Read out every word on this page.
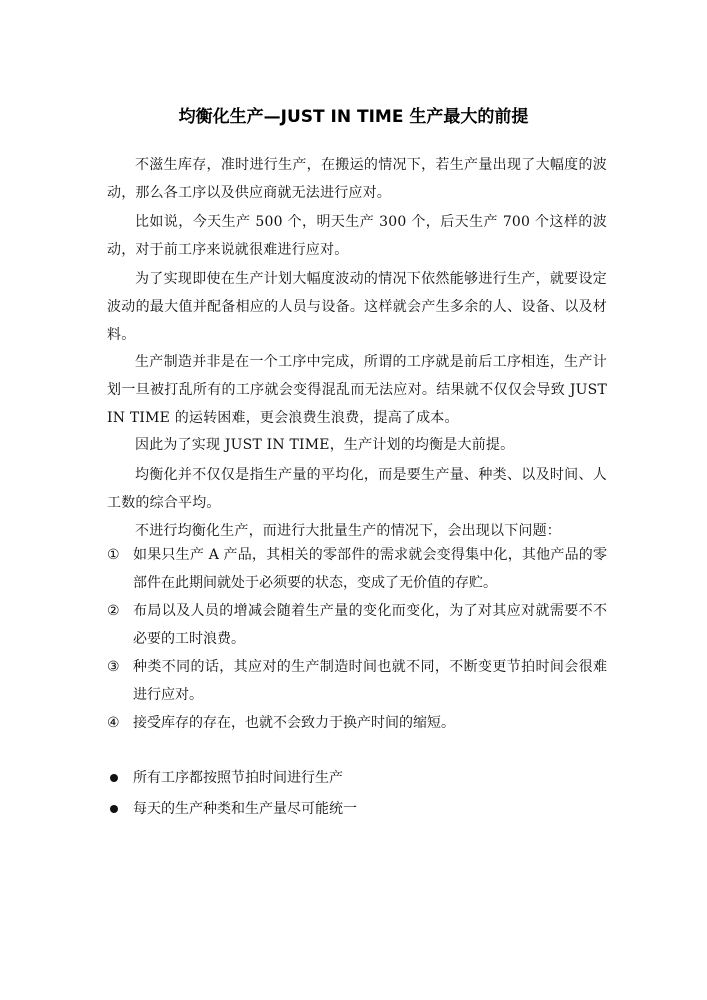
均衡化生产—JUST IN TIME 生产最大的前提
不滋生库存，准时进行生产，在搬运的情况下，若生产量出现了大幅度的波动，那么各工序以及供应商就无法进行应对。
比如说，今天生产 500 个，明天生产 300 个，后天生产 700 个这样的波动，对于前工序来说就很难进行应对。
为了实现即使在生产计划大幅度波动的情况下依然能够进行生产，就要设定波动的最大值并配备相应的人员与设备。这样就会产生多余的人、设备、以及材料。
生产制造并非是在一个工序中完成，所谓的工序就是前后工序相连，生产计划一旦被打乱所有的工序就会变得混乱而无法应对。结果就不仅仅会导致 JUST IN TIME 的运转困难，更会浪费生浪费，提高了成本。
因此为了实现 JUST IN TIME，生产计划的均衡是大前提。
均衡化并不仅仅是指生产量的平均化，而是要生产量、种类、以及时间、人工数的综合平均。
不进行均衡化生产，而进行大批量生产的情况下，会出现以下问题：
① 如果只生产 A 产品，其相关的零部件的需求就会变得集中化，其他产品的零部件在此期间就处于必须要的状态，变成了无价值的存贮。
② 布局以及人员的增减会随着生产量的变化而变化，为了对其应对就需要不不必要的工时浪费。
③ 种类不同的话，其应对的生产制造时间也就不同，不断变更节拍时间会很难进行应对。
④ 接受库存的存在，也就不会致力于换产时间的缩短。
所有工序都按照节拍时间进行生产
每天的生产种类和生产量尽可能统一
